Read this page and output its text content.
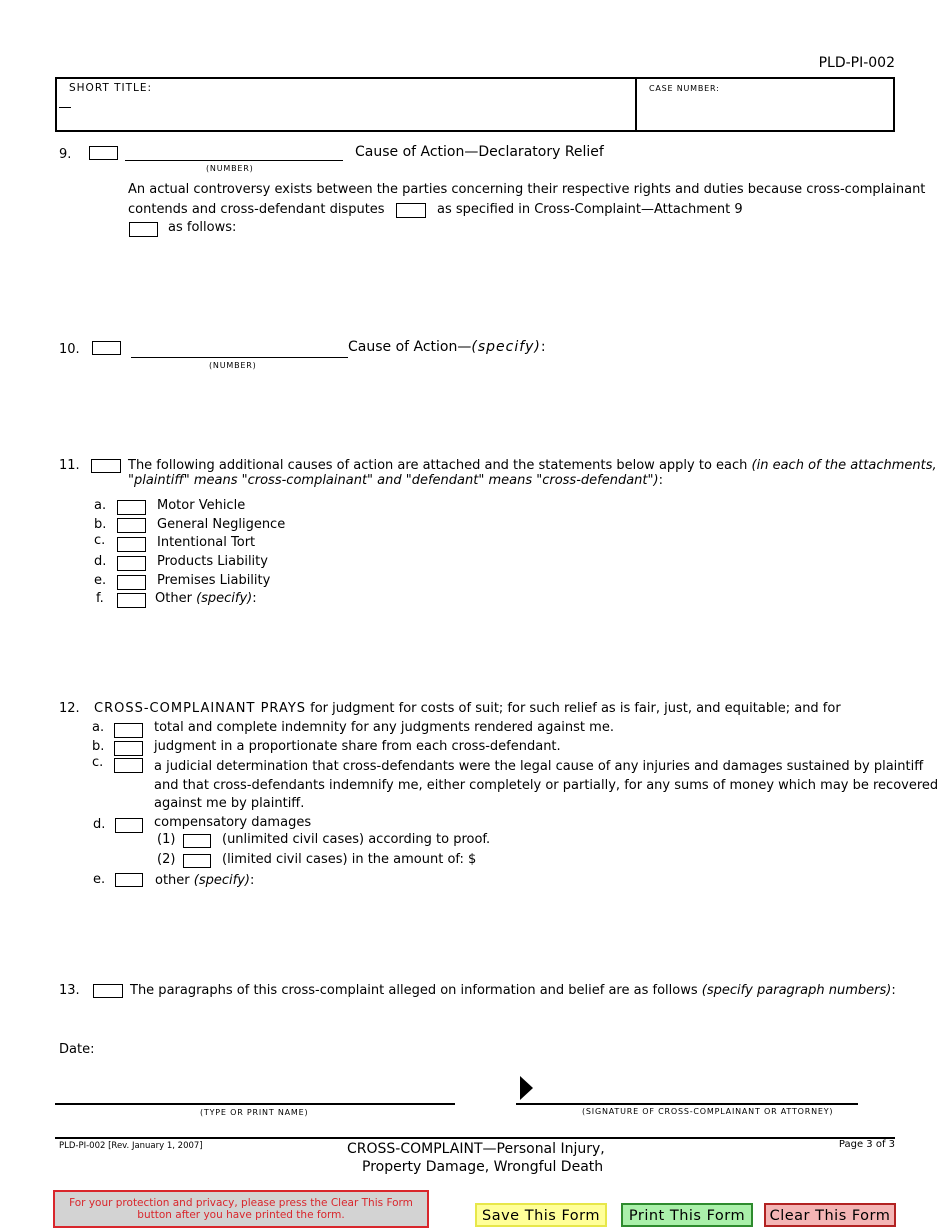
PLD-PI-002
SHORT TITLE:	CASE NUMBER:
9.
(NUMBER)
Cause of Action—Declaratory Relief
An actual controversy exists between the parties concerning their respective rights and duties because cross-complainant
contends and cross-defendant disputes	as specified in Cross-Complaint—Attachment 9
as follows:
10.
(NUMBER)
Cause of Action—(specify):
11.	The following additional causes of action are attached and the statements below apply to each (in each of the attachments,
"plaintiff" means "cross-complainant" and "defendant" means "cross-defendant"):
a.	Motor Vehicle
b.	General Negligence
c.	Intentional Tort
d.	Products Liability
e.	Premises Liability
f.	Other (specify):
12. CROSS-COMPLAINANT PRAYS for judgment for costs of suit; for such relief as is fair, just, and equitable; and for
a.	total and complete indemnity for any judgments rendered against me.
b.	judgment in a proportionate share from each cross-defendant.
c.	a judicial determination that cross-defendants were the legal cause of any injuries and damages sustained by plaintiff
and that cross-defendants indemnify me, either completely or partially, for any sums of money which may be recovered
against me by plaintiff.
d.	compensatory damages
(1)	(unlimited civil cases) according to proof.
(2)	(limited civil cases) in the amount of: $
e.	other (specify):
13.	The paragraphs of this cross-complaint alleged on information and belief are as follows (specify paragraph numbers):
Date:
(TYPE OR PRINT NAME)	(SIGNATURE OF CROSS-COMPLAINANT OR ATTORNEY)
PLD-PI-002 [Rev. January 1, 2007]	CROSS-COMPLAINT—Personal Injury,
Property Damage, Wrongful Death
Page 3 of 3
For your protection and privacy, please press the Clear This Form
button after you have printed the form.	Save This Form	Print This Form	Clear This Form
